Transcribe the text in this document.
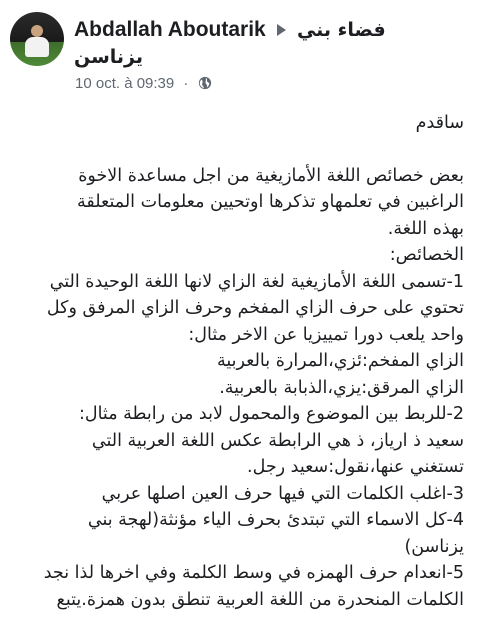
Abdallah Aboutarik فضاء بني
يزناسن
10 oct. à 09:39 ·

ساقدم

بعض خصائص اللغة الأمازيغية من اجل مساعدة الاخوة

الراغبين في تعلمهاو تذكرها اوتحيين معلومات المتعلقة

بهذه اللغة.

الخصائص:

1-تسمى اللغة الأمازيغية لغة الزاي لانها اللغة الوحيدة التي

تحتوي على حرف الزاي المفخم وحرف الزاي المرفق وكل

واحد يلعب دورا تمييزيا عن الاخر مثال:

الزاي المفخم:ئزي،المرارة بالعربية

الزاي المرقق:يزي،الذبابة بالعربية.

2-للربط بين الموضوع والمحمول لابد من رابطة مثال:

سعيد ذ ارياز، ذ هي الرابطة عكس اللغة العربية التي

تستغني عنها،نقول:سعيد رجل.

3-اغلب الكلمات التي فيها حرف العين اصلها عربي

4-كل الاسماء التي تبتدئ بحرف الياء مؤنثة(لهجة بني

يزناسن)

5-انعدام حرف الهمزه في وسط الكلمة وفي اخرها لذا نجد

الكلمات المنحدرة من اللغة العربية تنطق بدون همزة.يتبع
